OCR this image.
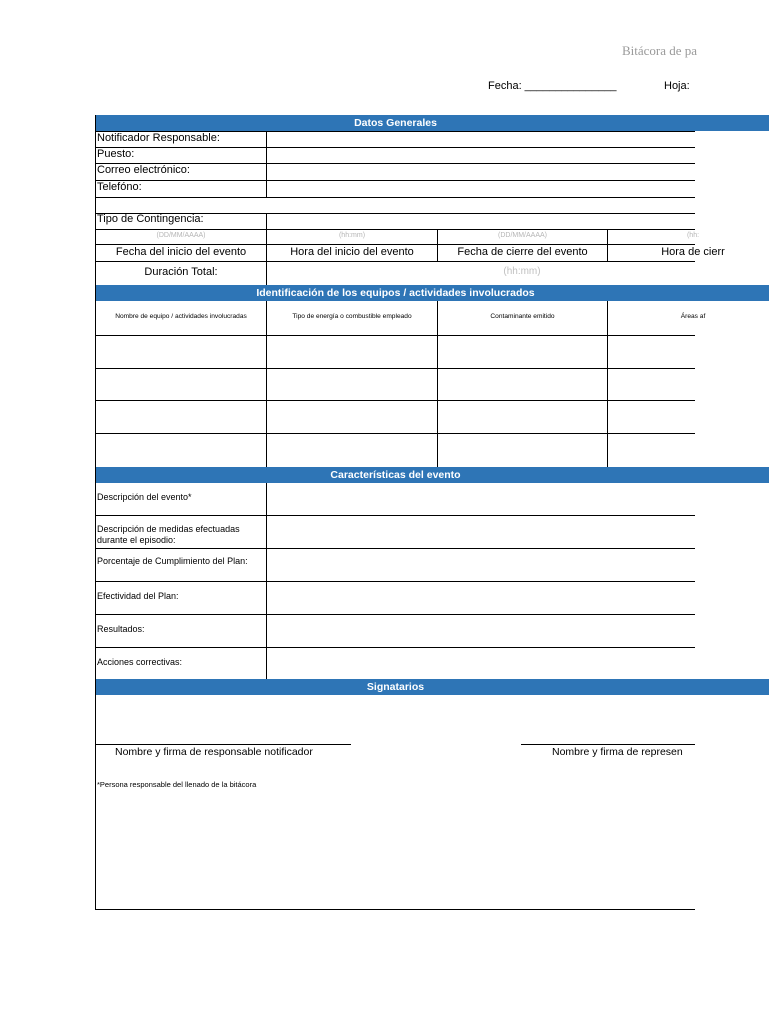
Bitácora de pa
Fecha: _______________	Hoja:
Datos Generales
Notificador Responsable:
Puesto:
Correo electrónico:
Telefóno:
Tipo de Contingencia:
(DD/MM/AAAA)	(hh:mm)	(DD/MM/AAAA)	(hh:
Fecha del inicio del evento	Hora del inicio del evento	Fecha de cierre del evento	Hora de cierr
Duración Total:	(hh:mm)
Identificación de los equipos / actividades involucrados
Nombre de equipo / actividades involucradas	Tipo de energía o combustible empleado	Contaminante emitido	Áreas af
Características del evento
Descripción del evento*
Descripción de medidas efectuadas durante el episodio:
Porcentaje de Cumplimiento del Plan:
Efectividad del Plan:
Resultados:
Acciones correctivas:
Signatarios
Nombre y firma de responsable notificador	Nombre y firma de represen
*Persona responsable del llenado de la bitácora
